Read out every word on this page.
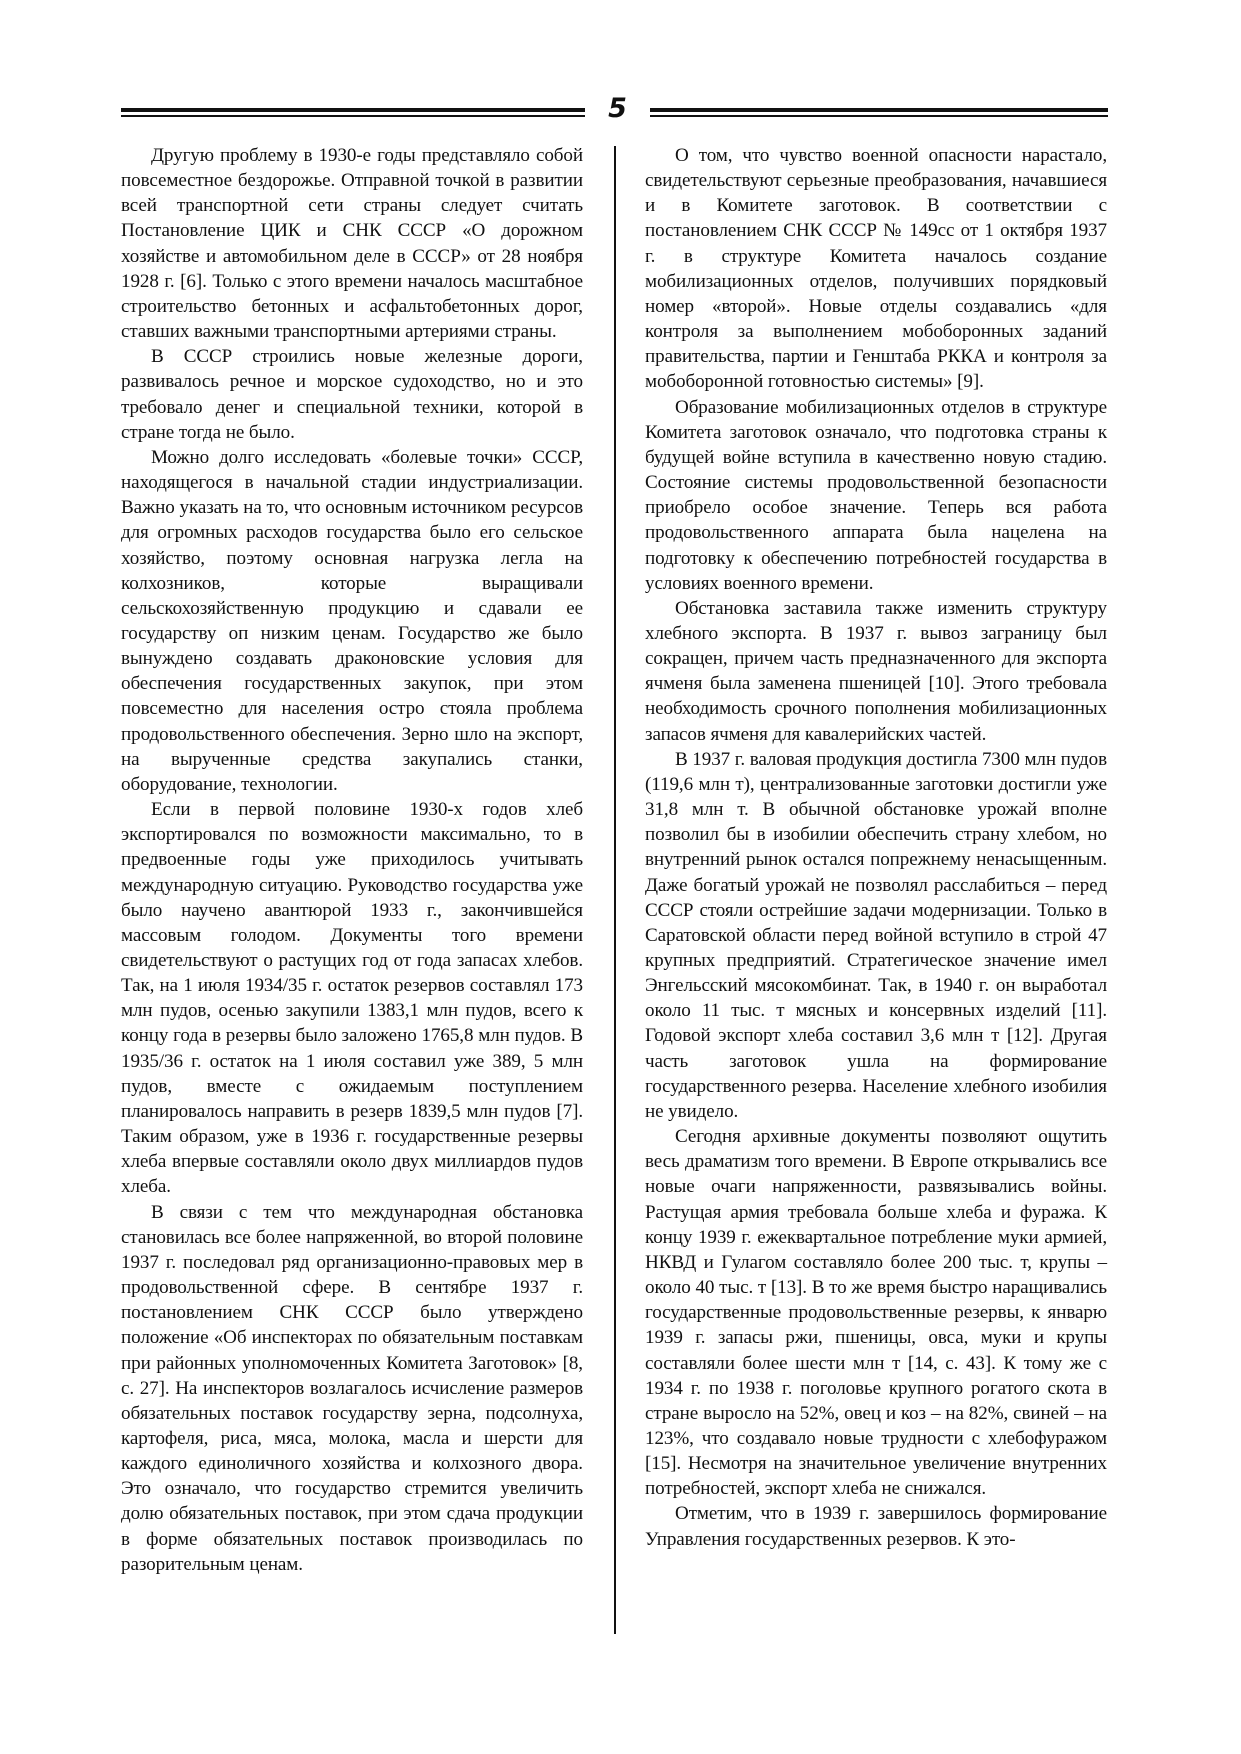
5

Другую проблему в 1930-е годы представляло собой повсеместное бездорожье. Отправной точкой в развитии всей транспортной сети страны следует считать Постановление ЦИК и СНК СССР «О дорожном хозяйстве и автомобильном деле в СССР» от 28 ноября 1928 г. [6]. Только с этого времени началось масштабное строительство бетонных и асфальтобетонных дорог, ставших важными транспортными артериями страны.

В СССР строились новые железные дороги, развивалось речное и морское судоходство, но и это требовало денег и специальной техники, которой в стране тогда не было.

Можно долго исследовать «болевые точки» СССР, находящегося в начальной стадии индустриализации. Важно указать на то, что основным источником ресурсов для огромных расходов государства было его сельское хозяйство, поэтому основная нагрузка легла на колхозников, которые выращивали сельскохозяйственную продукцию и сдавали ее государству оп низким ценам. Государство же было вынуждено создавать драконовские условия для обеспечения государственных закупок, при этом повсеместно для населения остро стояла проблема продовольственного обеспечения. Зерно шло на экспорт, на вырученные средства закупались станки, оборудование, технологии.

Если в первой половине 1930-х годов хлеб экспортировался по возможности максимально, то в предвоенные годы уже приходилось учитывать международную ситуацию. Руководство государства уже было научено авантюрой 1933 г., закончившейся массовым голодом. Документы того времени свидетельствуют о растущих год от года запасах хлебов. Так, на 1 июля 1934/35 г. остаток резервов составлял 173 млн пудов, осенью закупили 1383,1 млн пудов, всего к концу года в резервы было заложено 1765,8 млн пудов. В 1935/36 г. остаток на 1 июля составил уже 389, 5 млн пудов, вместе с ожидаемым поступлением планировалось направить в резерв 1839,5 млн пудов [7]. Таким образом, уже в 1936 г. государственные резервы хлеба впервые составляли около двух миллиардов пудов хлеба.

В связи с тем что международная обстановка становилась все более напряженной, во второй половине 1937 г. последовал ряд организационно-правовых мер в продовольственной сфере. В сентябре 1937 г. постановлением СНК СССР было утверждено положение «Об инспекторах по обязательным поставкам при районных уполномоченных Комитета Заготовок» [8, с. 27]. На инспекторов возлагалось исчисление размеров обязательных поставок государству зерна, подсолнуха, картофеля, риса, мяса, молока, масла и шерсти для каждого единоличного хозяйства и колхозного двора. Это означало, что государство стремится увеличить долю обязательных поставок, при этом сдача продукции в форме обязательных поставок производилась по разорительным ценам.

О том, что чувство военной опасности нарастало, свидетельствуют серьезные преобразования, начавшиеся и в Комитете заготовок. В соответствии с постановлением СНК СССР № 149сс от 1 октября 1937 г. в структуре Комитета началось создание мобилизационных отделов, получивших порядковый номер «второй». Новые отделы создавались «для контроля за выполнением мобоборонных заданий правительства, партии и Генштаба РККА и контроля за мобоборонной готовностью системы» [9].

Образование мобилизационных отделов в структуре Комитета заготовок означало, что подготовка страны к будущей войне вступила в качественно новую стадию. Состояние системы продовольственной безопасности приобрело особое значение. Теперь вся работа продовольственного аппарата была нацелена на подготовку к обеспечению потребностей государства в условиях военного времени.

Обстановка заставила также изменить структуру хлебного экспорта. В 1937 г. вывоз заграницу был сокращен, причем часть предназначенного для экспорта ячменя была заменена пшеницей [10]. Этого требовала необходимость срочного пополнения мобилизационных запасов ячменя для кавалерийских частей.

В 1937 г. валовая продукция достигла 7300 млн пудов (119,6 млн т), централизованные заготовки достигли уже 31,8 млн т. В обычной обстановке урожай вполне позволил бы в изобилии обеспечить страну хлебом, но внутренний рынок остался попрежнему ненасыщенным. Даже богатый урожай не позволял расслабиться – перед СССР стояли острейшие задачи модернизации. Только в Саратовской области перед войной вступило в строй 47 крупных предприятий. Стратегическое значение имел Энгельсский мясокомбинат. Так, в 1940 г. он выработал около 11 тыс. т мясных и консервных изделий [11]. Годовой экспорт хлеба составил 3,6 млн т [12]. Другая часть заготовок ушла на формирование государственного резерва. Население хлебного изобилия не увидело.

Сегодня архивные документы позволяют ощутить весь драматизм того времени. В Европе открывались все новые очаги напряженности, развязывались войны. Растущая армия требовала больше хлеба и фуража. К концу 1939 г. ежеквартальное потребление муки армией, НКВД и Гулагом составляло более 200 тыс. т, крупы – около 40 тыс. т [13]. В то же время быстро наращивались государственные продовольственные резервы, к январю 1939 г. запасы ржи, пшеницы, овса, муки и крупы составляли более шести млн т [14, с. 43]. К тому же с 1934 г. по 1938 г. поголовье крупного рогатого скота в стране выросло на 52%, овец и коз – на 82%, свиней – на 123%, что создавало новые трудности с хлебофуражом [15]. Несмотря на значительное увеличение внутренних потребностей, экспорт хлеба не снижался.

Отметим, что в 1939 г. завершилось формирование Управления государственных резервов. К это-
